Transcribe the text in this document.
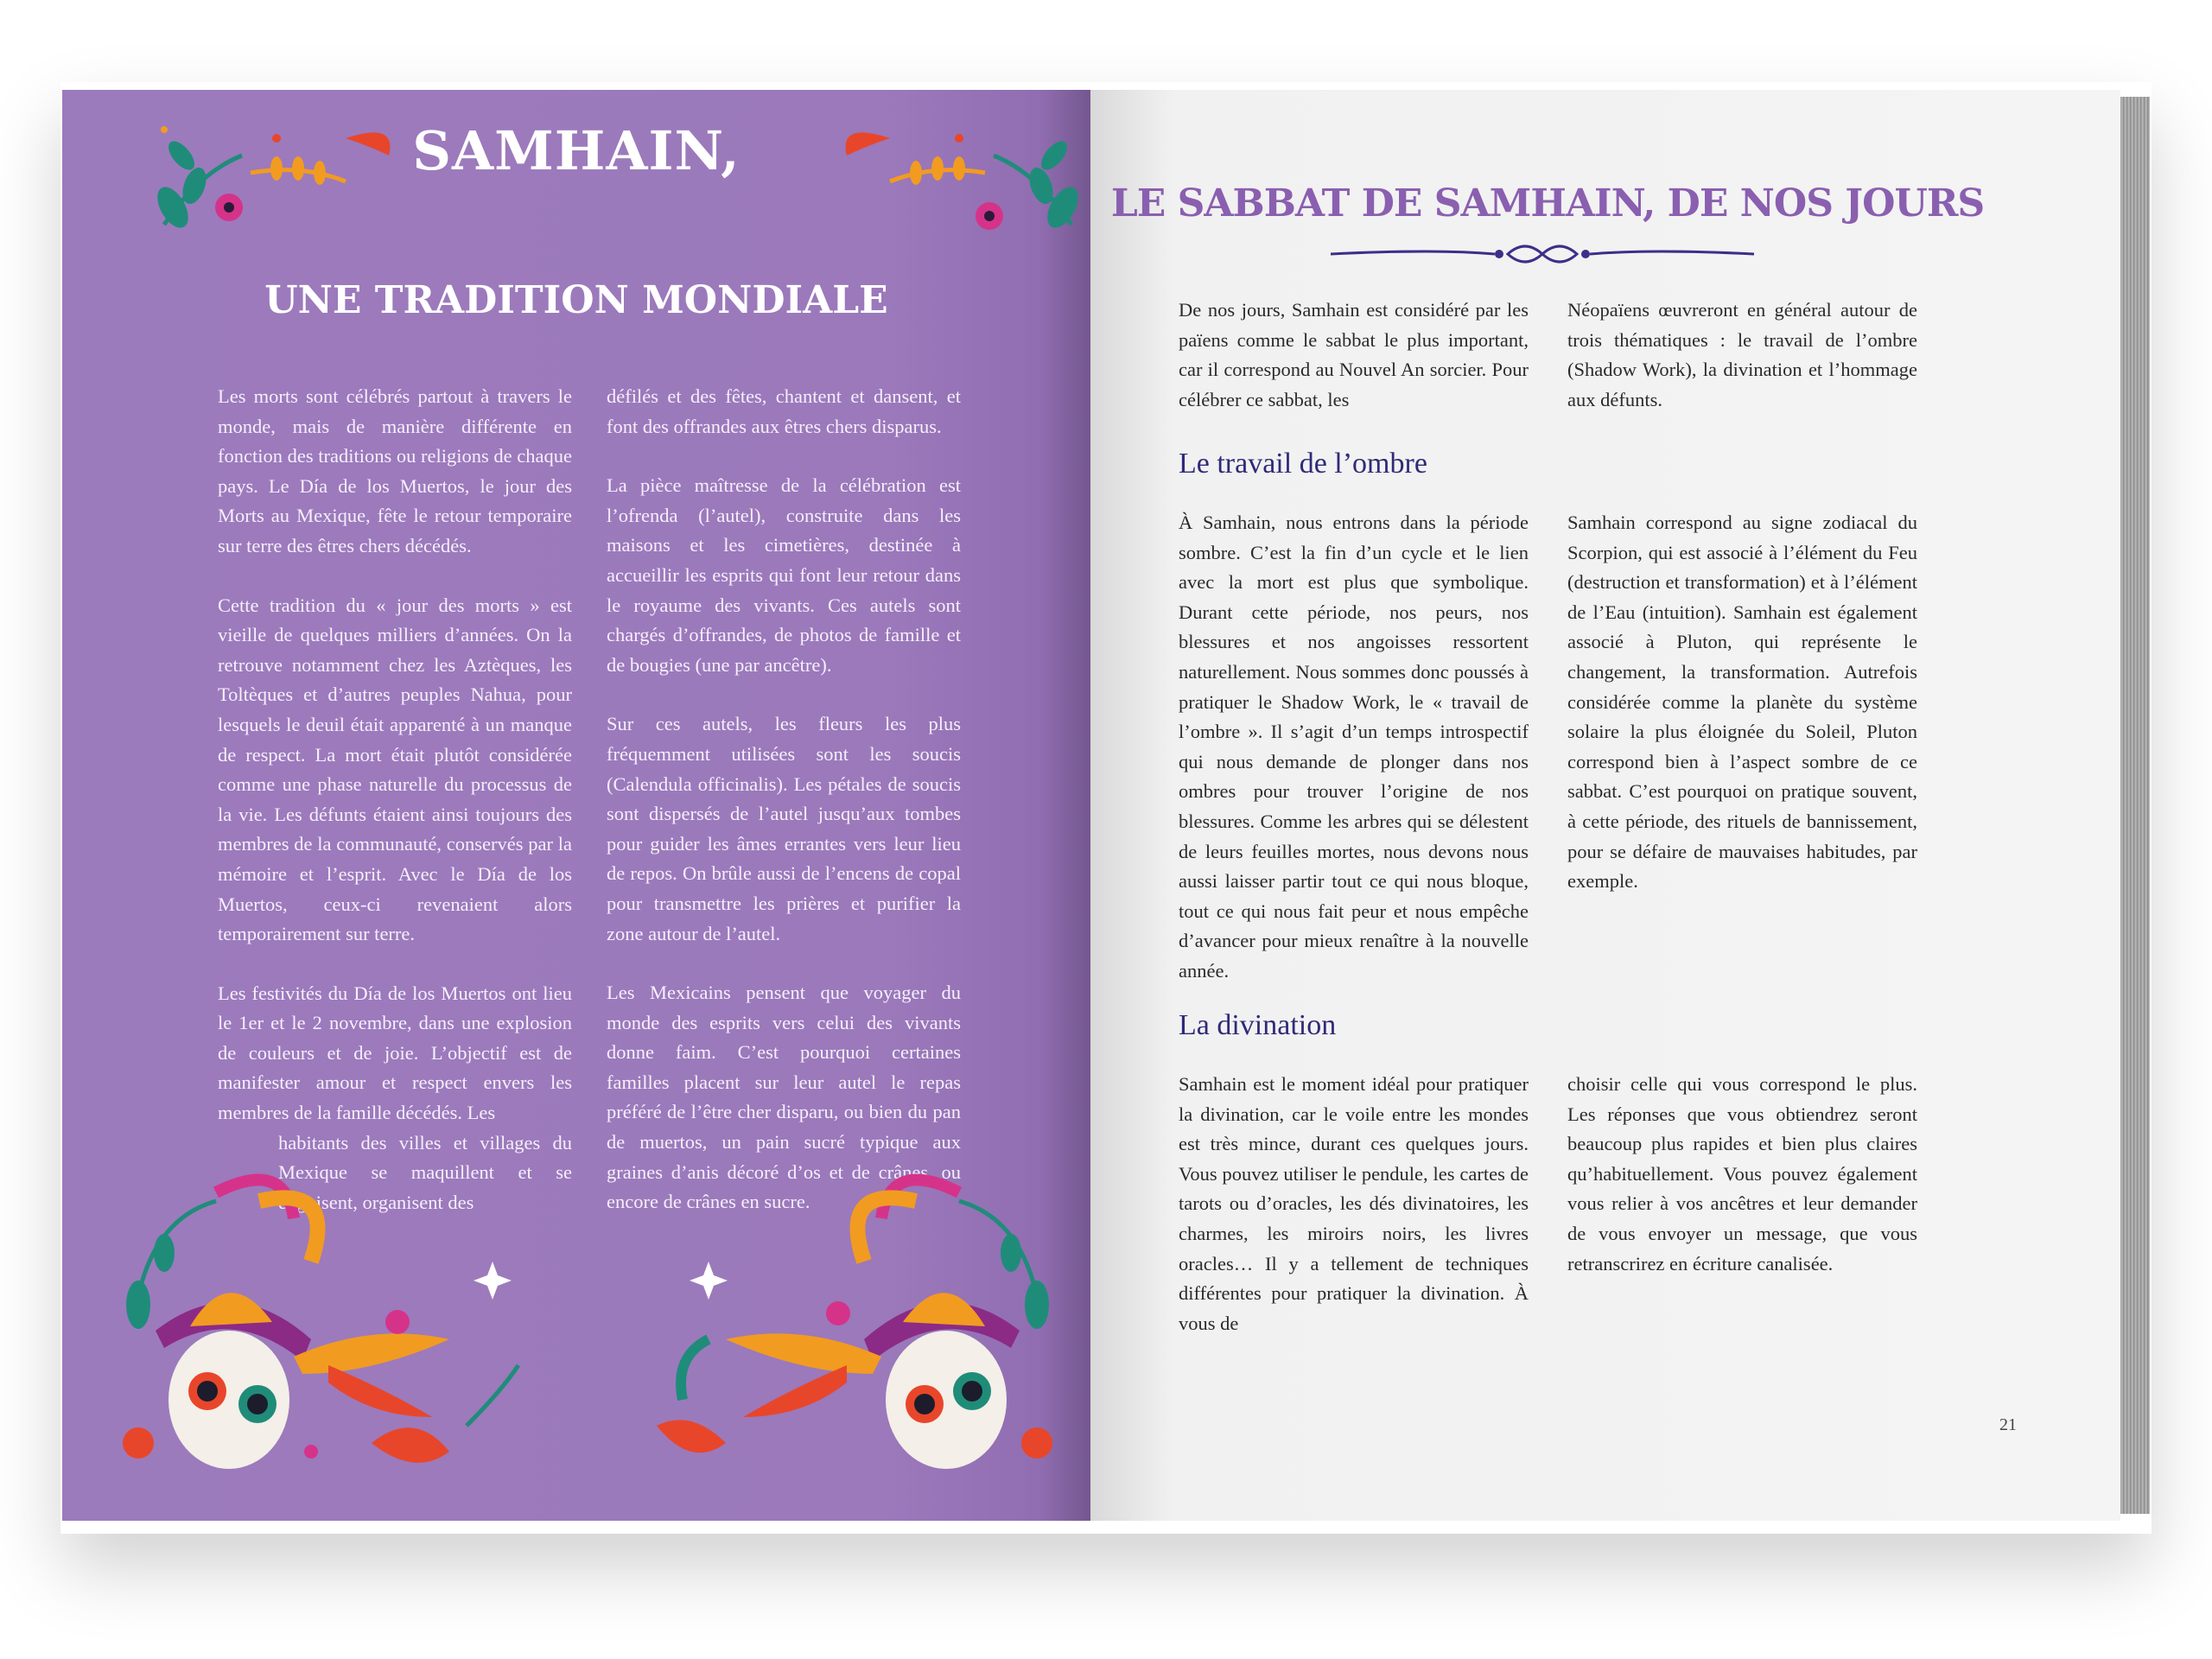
SAMHAIN,
UNE TRADITION MONDIALE

Les morts sont célébrés partout à travers le monde, mais de manière différente en fonction des traditions ou religions de chaque pays. Le Día de los Muertos, le jour des Morts au Mexique, fête le retour temporaire sur terre des êtres chers décédés.

Cette tradition du « jour des morts » est vieille de quelques milliers d’années. On la retrouve notamment chez les Aztèques, les Toltèques et d’autres peuples Nahua, pour lesquels le deuil était apparenté à un manque de respect. La mort était plutôt considérée comme une phase naturelle du processus de la vie. Les défunts étaient ainsi toujours des membres de la communauté, conservés par la mémoire et l’esprit. Avec le Día de los Muertos, ceux-ci revenaient alors temporairement sur terre.

Les festivités du Día de los Muertos ont lieu le 1er et le 2 novembre, dans une explosion de couleurs et de joie. L’objectif est de manifester amour et respect envers les membres de la famille décédés. Les

habitants des villes et villages du Mexique se maquillent et se déguisent, organisent des

défilés et des fêtes, chantent et dansent, et font des offrandes aux êtres chers disparus.

La pièce maîtresse de la célébration est l’ofrenda (l’autel), construite dans les maisons et les cimetières, destinée à accueillir les esprits qui font leur retour dans le royaume des vivants. Ces autels sont chargés d’offrandes, de photos de famille et de bougies (une par ancêtre).

Sur ces autels, les fleurs les plus fréquemment utilisées sont les soucis (Calendula officinalis). Les pétales de soucis sont dispersés de l’autel jusqu’aux tombes pour guider les âmes errantes vers leur lieu de repos. On brûle aussi de l’encens de copal pour transmettre les prières et purifier la zone autour de l’autel.

Les Mexicains pensent que voyager du monde des esprits vers celui des vivants donne faim. C’est pourquoi certaines familles placent sur leur autel le repas préféré de l’être cher disparu, ou bien du pan de muertos, un pain sucré typique aux graines d’anis décoré d’os et de crânes, ou encore de crânes en sucre.

LE SABBAT DE SAMHAIN, DE NOS JOURS

De nos jours, Samhain est considéré par les païens comme le sabbat le plus important, car il correspond au Nouvel An sorcier. Pour célébrer ce sabbat, les

Néopaïens œuvreront en général autour de trois thématiques : le travail de l’ombre (Shadow Work), la divination et l’hommage aux défunts.

Le travail de l’ombre

À Samhain, nous entrons dans la période sombre. C’est la fin d’un cycle et le lien avec la mort est plus que symbolique. Durant cette période, nos peurs, nos blessures et nos angoisses ressortent naturellement. Nous sommes donc poussés à pratiquer le Shadow Work, le « travail de l’ombre ». Il s’agit d’un temps introspectif qui nous demande de plonger dans nos ombres pour trouver l’origine de nos blessures. Comme les arbres qui se délestent de leurs feuilles mortes, nous devons nous aussi laisser partir tout ce qui nous bloque, tout ce qui nous fait peur et nous empêche d’avancer pour mieux renaître à la nouvelle année.

Samhain correspond au signe zodiacal du Scorpion, qui est associé à l’élément du Feu (destruction et transformation) et à l’élément de l’Eau (intuition). Samhain est également associé à Pluton, qui représente le changement, la transformation. Autrefois considérée comme la planète du système solaire la plus éloignée du Soleil, Pluton correspond bien à l’aspect sombre de ce sabbat. C’est pourquoi on pratique souvent, à cette période, des rituels de bannissement, pour se défaire de mauvaises habitudes, par exemple.

La divination

Samhain est le moment idéal pour pratiquer la divination, car le voile entre les mondes est très mince, durant ces quelques jours. Vous pouvez utiliser le pendule, les cartes de tarots ou d’oracles, les dés divinatoires, les charmes, les miroirs noirs, les livres oracles… Il y a tellement de techniques différentes pour pratiquer la divination. À vous de

choisir celle qui vous correspond le plus. Les réponses que vous obtiendrez seront beaucoup plus rapides et bien plus claires qu’habituellement. Vous pouvez également vous relier à vos ancêtres et leur demander de vous envoyer un message, que vous retranscrirez en écriture canalisée.

21
